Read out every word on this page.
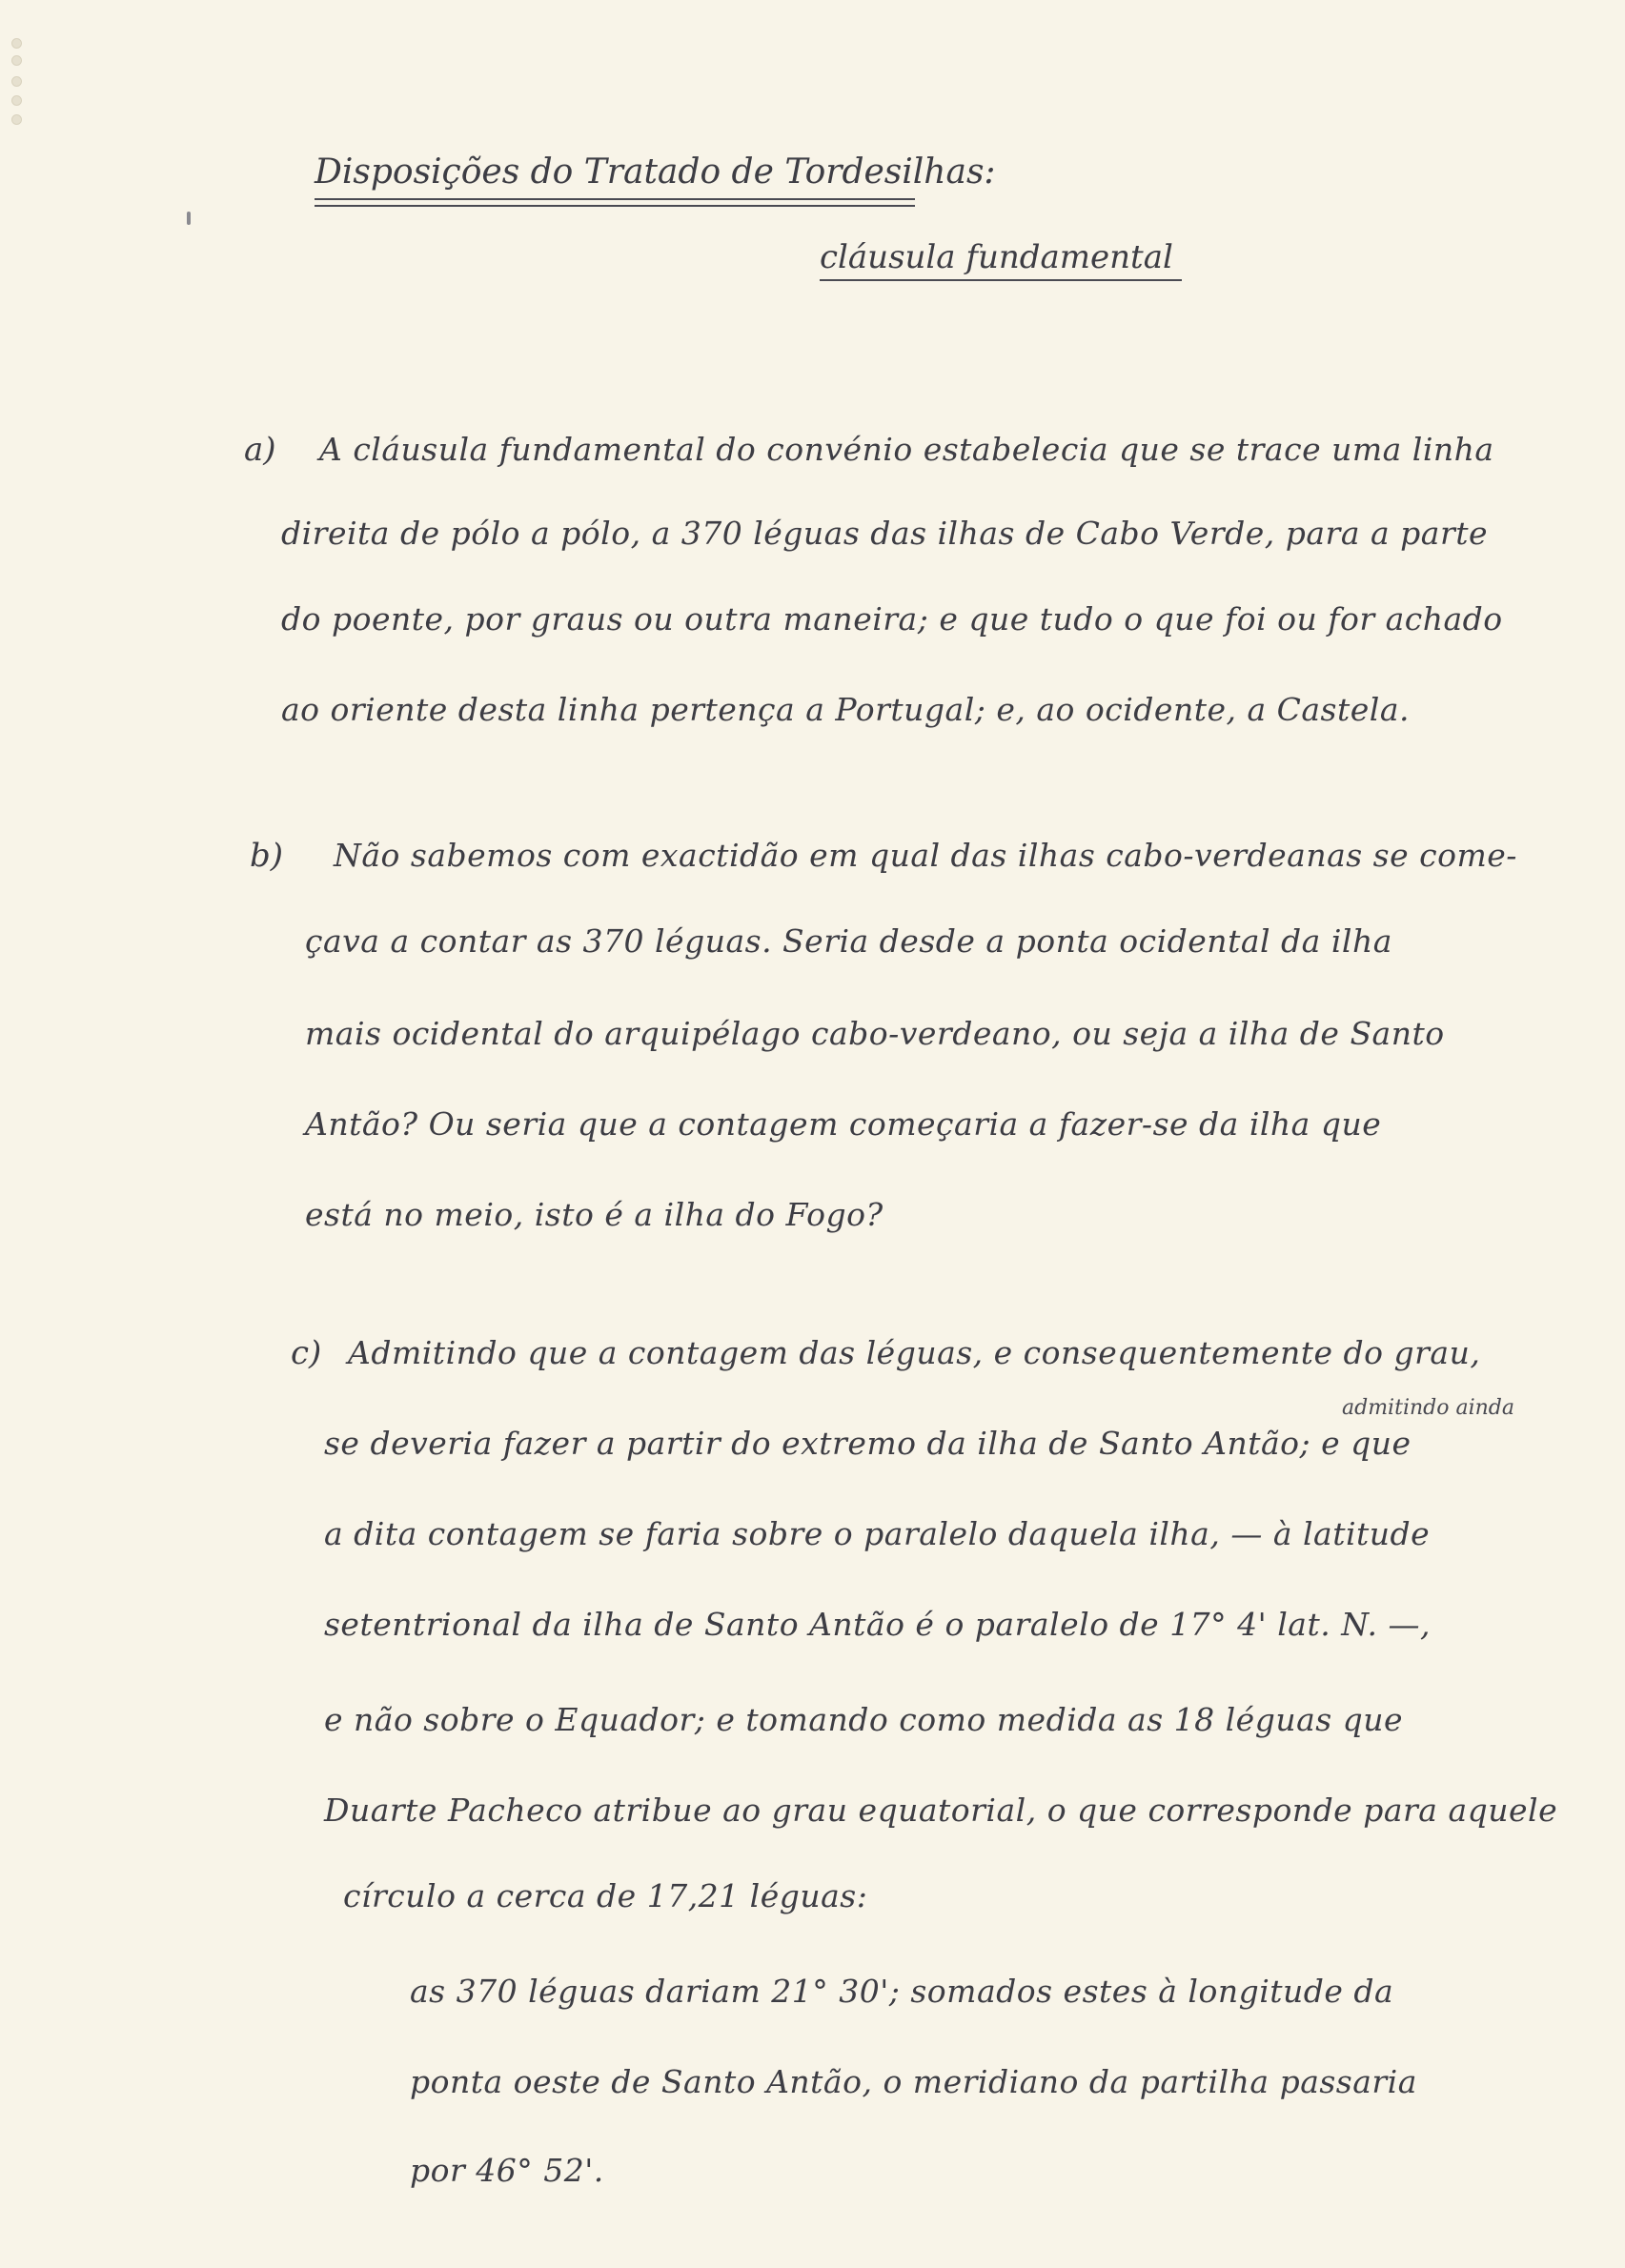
Disposições do Tratado de Tordesilhas:
cláusula fundamental
a) A cláusula fundamental do convénio estabelecia que se trace uma linha
direita de pólo a pólo, a 370 léguas das ilhas de Cabo Verde, para a parte
do poente, por graus ou outra maneira; e que tudo o que foi ou for achado
ao oriente desta linha pertença a Portugal; e, ao ocidente, a Castela.
b) Não sabemos com exactidão em qual das ilhas cabo-verdeanas se come-
çava a contar as 370 léguas. Seria desde a ponta ocidental da ilha
mais ocidental do arquipélago cabo-verdeano, ou seja a ilha de Santo
Antão? Ou seria que a contagem começaria a fazer-se da ilha que
está no meio, isto é a ilha do Fogo?
c) Admitindo que a contagem das léguas, e consequentemente do grau,
admitindo ainda
se deveria fazer a partir do extremo da ilha de Santo Antão; e que
a dita contagem se faria sobre o paralelo daquela ilha, — à latitude
setentrional da ilha de Santo Antão é o paralelo de 17° 4' lat. N. —,
e não sobre o Equador; e tomando como medida as 18 léguas que
Duarte Pacheco atribue ao grau equatorial, o que corresponde para aquele
círculo a cerca de 17,21 léguas:
as 370 léguas dariam 21° 30'; somados estes à longitude da
ponta oeste de Santo Antão, o meridiano da partilha passaria
por 46° 52'.
